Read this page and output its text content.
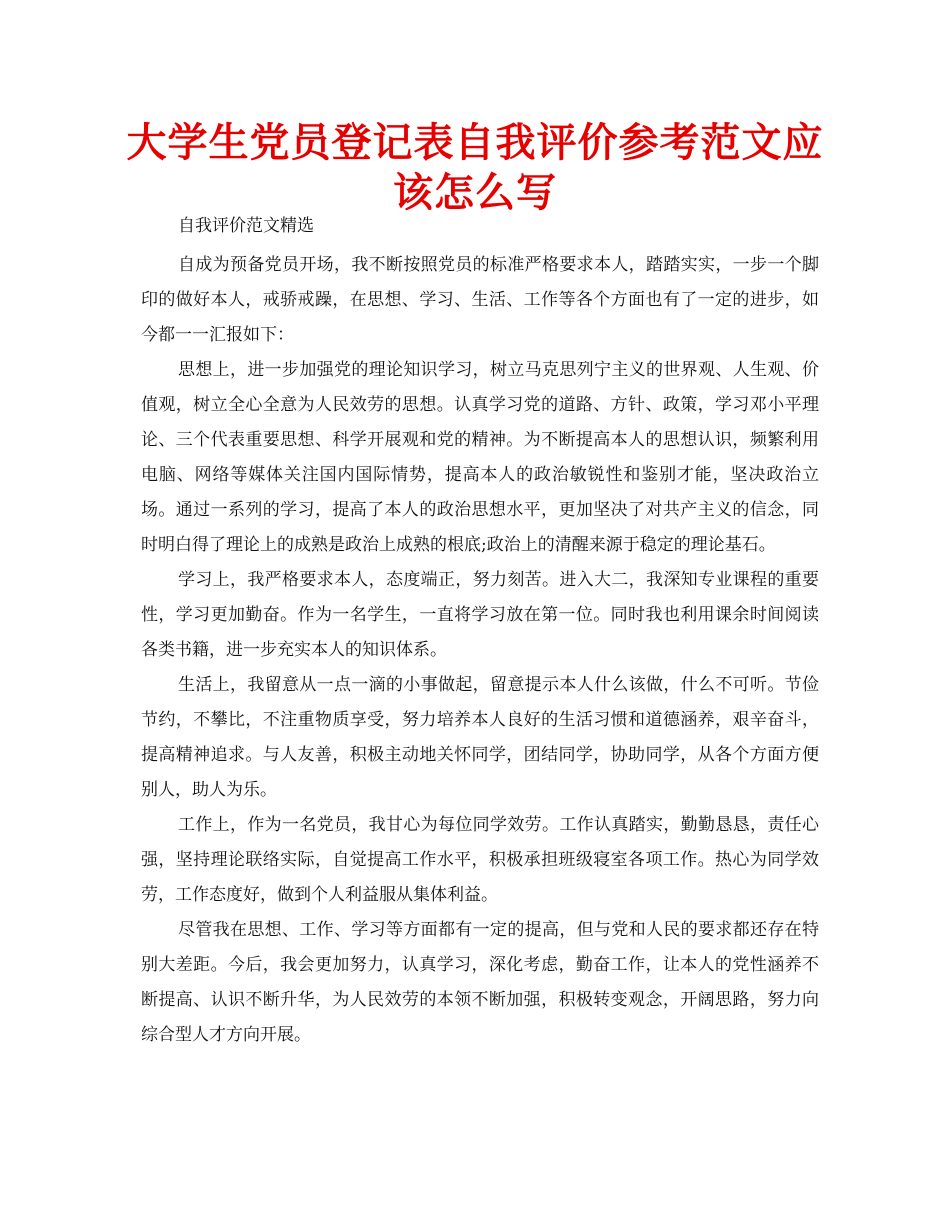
大学生党员登记表自我评价参考范文应该怎么写

自我评价范文精选

自成为预备党员开场，我不断按照党员的标准严格要求本人，踏踏实实，一步一个脚印的做好本人，戒骄戒躁，在思想、学习、生活、工作等各个方面也有了一定的进步，如今都一一汇报如下：

思想上，进一步加强党的理论知识学习，树立马克思列宁主义的世界观、人生观、价值观，树立全心全意为人民效劳的思想。认真学习党的道路、方针、政策，学习邓小平理论、三个代表重要思想、科学开展观和党的精神。为不断提高本人的思想认识，频繁利用电脑、网络等媒体关注国内国际情势，提高本人的政治敏锐性和鉴别才能，坚决政治立场。通过一系列的学习，提高了本人的政治思想水平，更加坚决了对共产主义的信念，同时明白得了理论上的成熟是政治上成熟的根底;政治上的清醒来源于稳定的理论基石。

学习上，我严格要求本人，态度端正，努力刻苦。进入大二，我深知专业课程的重要性，学习更加勤奋。作为一名学生，一直将学习放在第一位。同时我也利用课余时间阅读各类书籍，进一步充实本人的知识体系。

生活上，我留意从一点一滴的小事做起，留意提示本人什么该做，什么不可听。节俭节约，不攀比，不注重物质享受，努力培养本人良好的生活习惯和道德涵养，艰辛奋斗，提高精神追求。与人友善，积极主动地关怀同学，团结同学，协助同学，从各个方面方便别人，助人为乐。

工作上，作为一名党员，我甘心为每位同学效劳。工作认真踏实，勤勤恳恳，责任心强，坚持理论联络实际，自觉提高工作水平，积极承担班级寝室各项工作。热心为同学效劳，工作态度好，做到个人利益服从集体利益。

尽管我在思想、工作、学习等方面都有一定的提高，但与党和人民的要求都还存在特别大差距。今后，我会更加努力，认真学习，深化考虑，勤奋工作，让本人的党性涵养不断提高、认识不断升华，为人民效劳的本领不断加强，积极转变观念，开阔思路，努力向综合型人才方向开展。
